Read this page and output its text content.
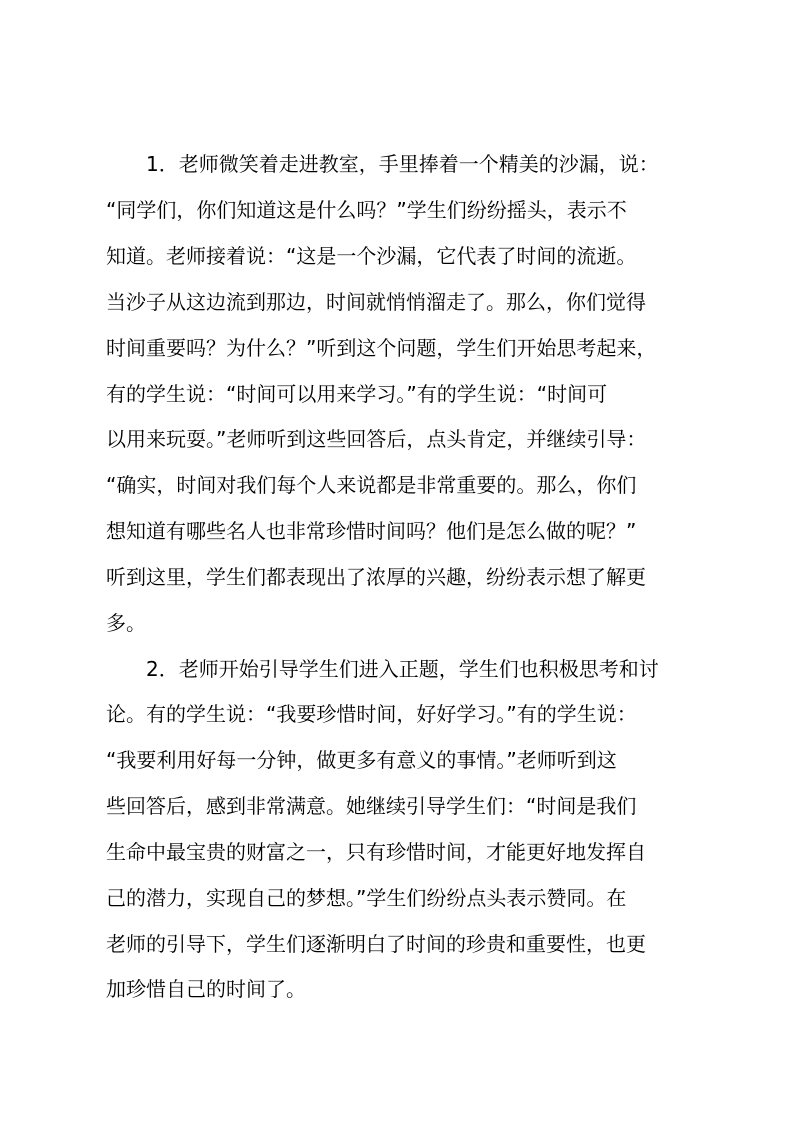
1．老师微笑着走进教室，手里捧着一个精美的沙漏，说：
“同学们，你们知道这是什么吗？”学生们纷纷摇头，表示不
知道。老师接着说：“这是一个沙漏，它代表了时间的流逝。
当沙子从这边流到那边，时间就悄悄溜走了。那么，你们觉得
时间重要吗？为什么？”听到这个问题，学生们开始思考起来，
有的学生说：“时间可以用来学习。”有的学生说：“时间可
以用来玩耍。”老师听到这些回答后，点头肯定，并继续引导：
“确实，时间对我们每个人来说都是非常重要的。那么，你们
想知道有哪些名人也非常珍惜时间吗？他们是怎么做的呢？”
听到这里，学生们都表现出了浓厚的兴趣，纷纷表示想了解更
多。
2．老师开始引导学生们进入正题，学生们也积极思考和讨
论。有的学生说：“我要珍惜时间，好好学习。”有的学生说：
“我要利用好每一分钟，做更多有意义的事情。”老师听到这
些回答后，感到非常满意。她继续引导学生们：“时间是我们
生命中最宝贵的财富之一，只有珍惜时间，才能更好地发挥自
己的潜力，实现自己的梦想。”学生们纷纷点头表示赞同。在
老师的引导下，学生们逐渐明白了时间的珍贵和重要性，也更
加珍惜自己的时间了。
